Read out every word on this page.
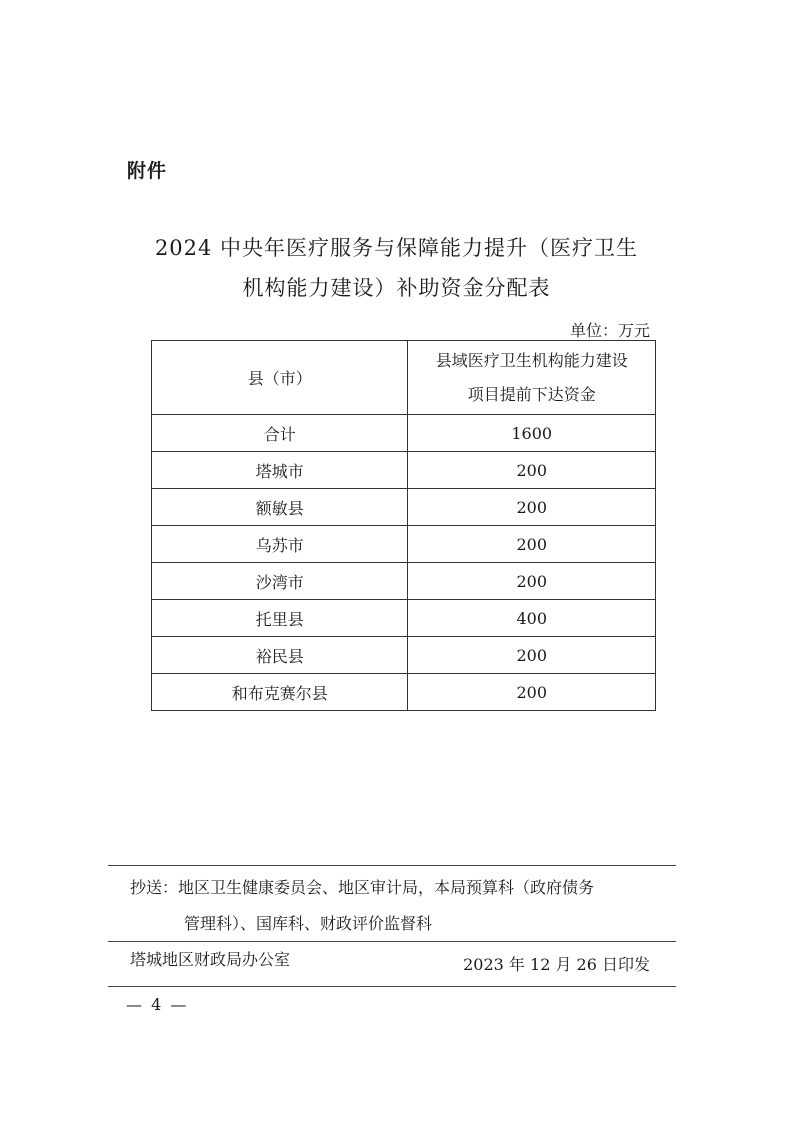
附件
2024 中央年医疗服务与保障能力提升（医疗卫生
机构能力建设）补助资金分配表
单位：万元
县（市）	县域医疗卫生机构能力建设
项目提前下达资金

合计	1600
塔城市	200
额敏县	200
乌苏市	200
沙湾市	200
托里县	400
裕民县	200
和布克赛尔县	200
抄送：地区卫生健康委员会、地区审计局，本局预算科（政府债务
管理科）、国库科、财政评价监督科
塔城地区财政局办公室	2023 年 12 月 26 日印发
— 4 —
